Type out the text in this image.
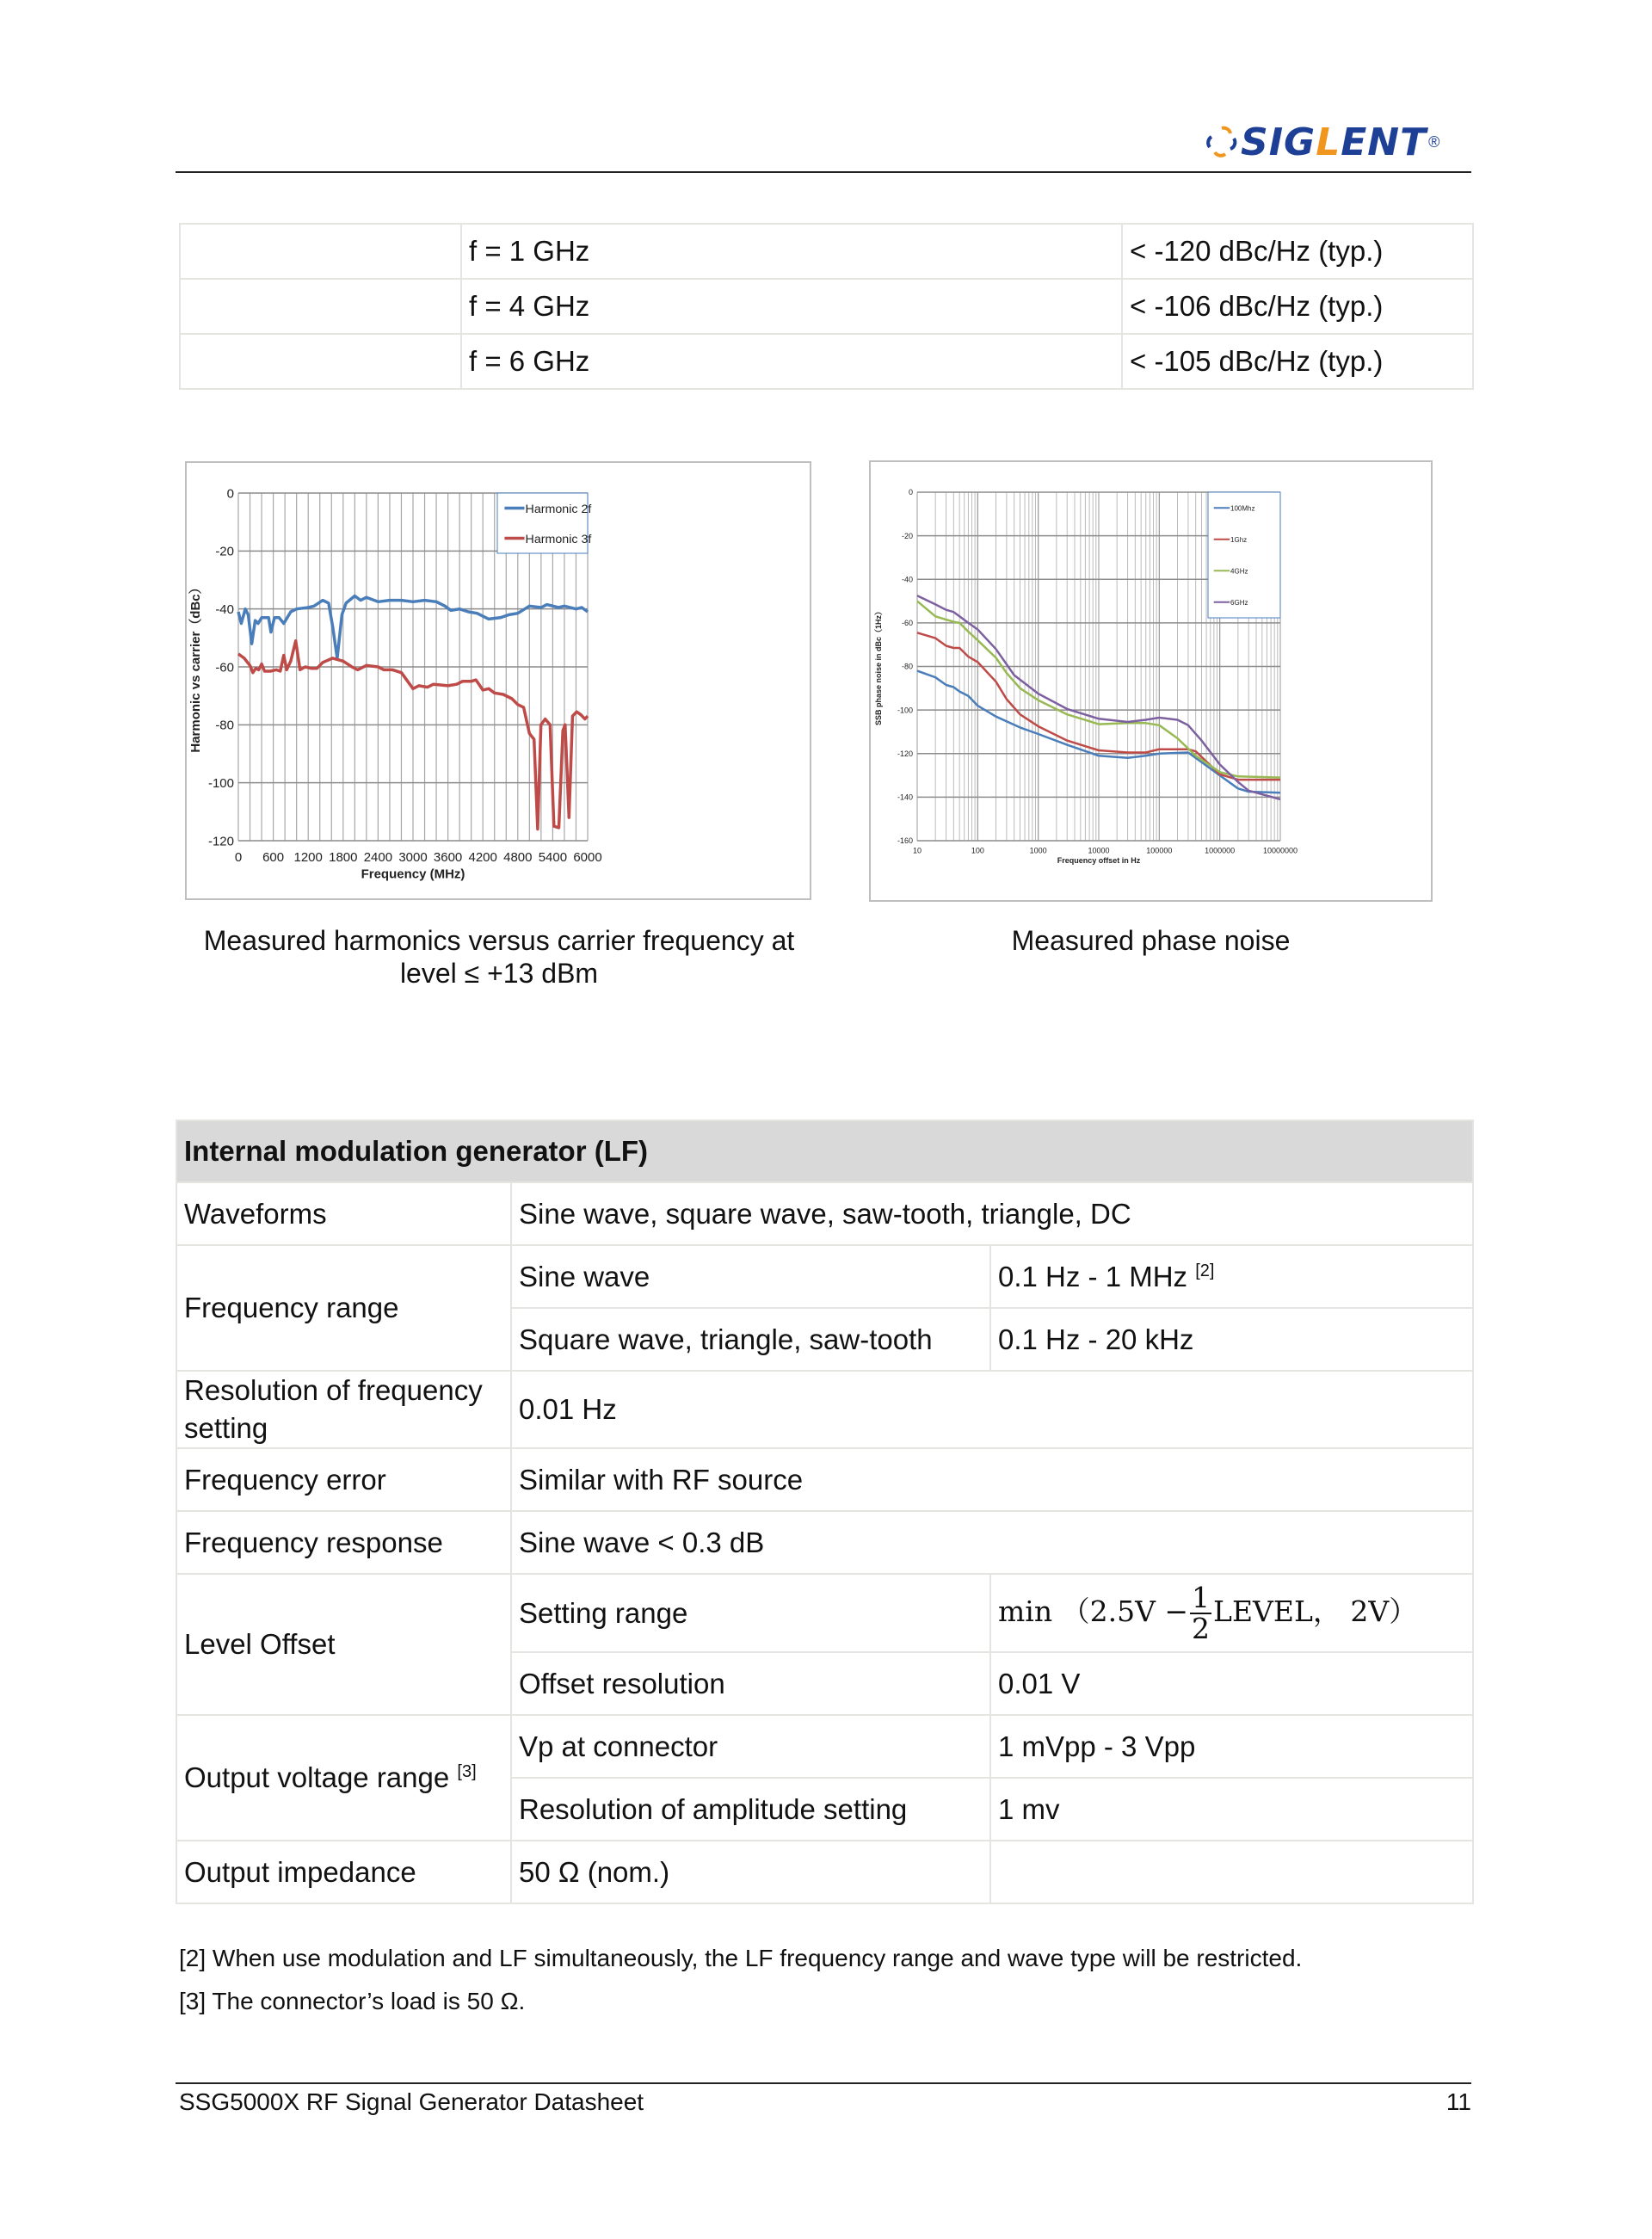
SIGLENT ®
	f = 1 GHz	< -120 dBc/Hz (typ.)
	f = 4 GHz	< -106 dBc/Hz (typ.)
	f = 6 GHz	< -105 dBc/Hz (typ.)
0
-20
-40
-60
-80
-100
-120
0 600 1200 1800 2400 3000 3600 4200 4800 5400 6000
Frequency (MHz)
Harmonic vs carrier（dBc）
Harmonic 2f
Harmonic 3f
0
-20
-40
-60
-80
-100
-120
-140
-160
10	100	1000	10000	100000	1000000	10000000
Frequency offset in Hz
SSB phase noise in dBc（1Hz）
100Mhz
1Ghz
4GHz
6GHz
Measured harmonics versus carrier frequency at level ≤ +13 dBm
Measured phase noise
Internal modulation generator (LF)		
Waveforms	Sine wave, square wave, saw-tooth, triangle, DC	
Frequency range	Sine wave	0.1 Hz - 1 MHz [2]
	Square wave, triangle, saw-tooth	0.1 Hz - 20 kHz
Resolution of frequency setting	0.01 Hz	
Frequency error	Similar with RF source	
Frequency response	Sine wave < 0.3 dB	
Level Offset	Setting range	$\min (2.5V - \frac{1}{2}$ LEVEL， 2V）
	Offset resolution	0.01 V
Output voltage range [3]	Vp at connector	1 mVpp - 3 Vpp
	Resolution of amplitude setting	1 mv
Output impedance	50 Ω (nom.)	
[2] When use modulation and LF simultaneously, the LF frequency range and wave type will be restricted.
[3] The connector’s load is 50 Ω.
SSG5000X RF Signal Generator Datasheet	11
